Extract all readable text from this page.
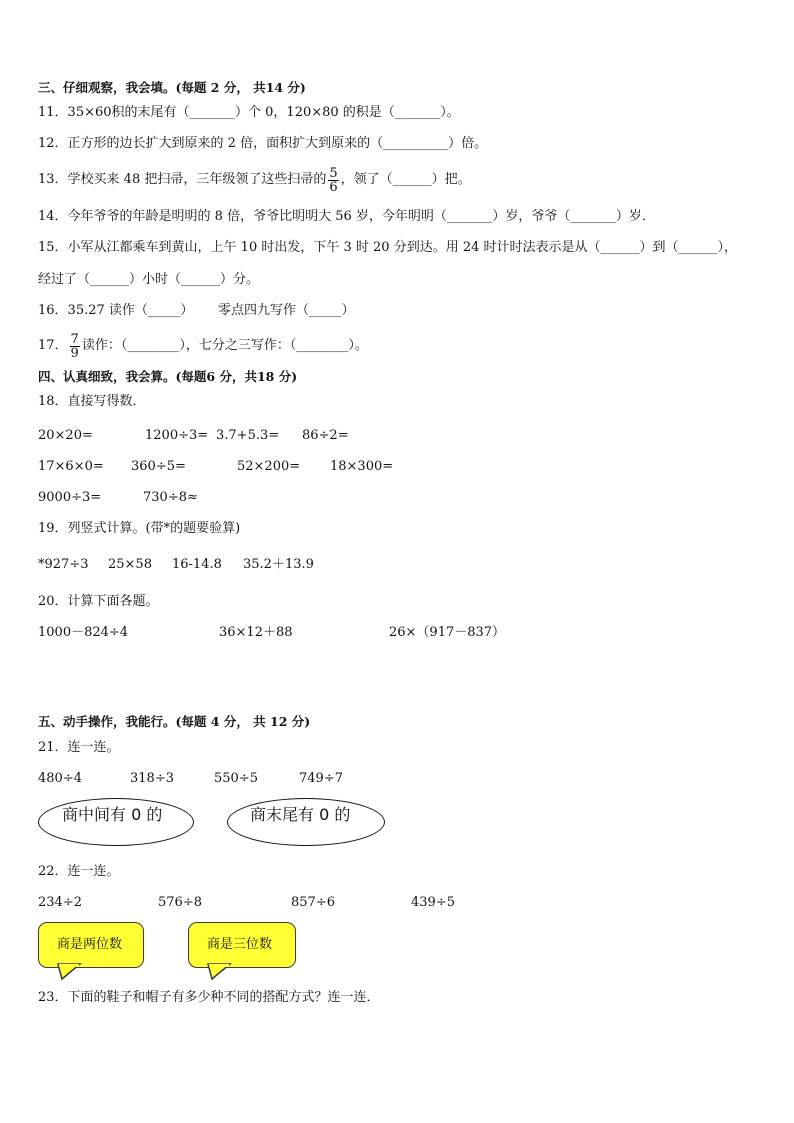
三、仔细观察，我会填。(每题 2 分， 共14 分)
11．35×60积的末尾有（_______）个 0，120×80 的积是（_______）。
12．正方形的边长扩大到原来的 2 倍，面积扩大到原来的（__________）倍。
13．学校买来 48 把扫帚，三年级领了这些扫帚的 $\frac{5}{6}$ ，领了（______）把。
14．今年爷爷的年龄是明明的 8 倍，爷爷比明明大 56 岁，今年明明（_______）岁，爷爷（_______）岁．
15．小军从江都乘车到黄山，上午 10 时出发，下午 3 时 20 分到达。用 24 时计时法表示是从（______）到（______），
经过了（______）小时（______）分。
16．35.27 读作（_____） 零点四九写作（_____）
17． $\frac{7}{9}$ 读作：（________），七分之三写作：（________）。
四、认真细致，我会算。(每题6 分，共18 分)
18．直接写得数．
20×20=	1200÷3= 3.7+5.3= 86÷2=
17×6×0= 360÷5=	52×200= 18×300=
9000÷3=	730÷8≈
19．列竖式计算。(带*的题要验算)
*927÷3 25×58 16-14.8 35.2＋13.9
20．计算下面各题。
1000－824÷4	36×12＋88	26×（917－837）
五、动手操作，我能行。(每题 4 分， 共 12 分)
21．连一连。
480÷4	318÷3	550÷5	749÷7
商中间有 0 的	商末尾有 0 的
22．连一连。
234÷2	576÷8	857÷6	439÷5
商是两位数	商是三位数
23．下面的鞋子和帽子有多少种不同的搭配方式？连一连．
